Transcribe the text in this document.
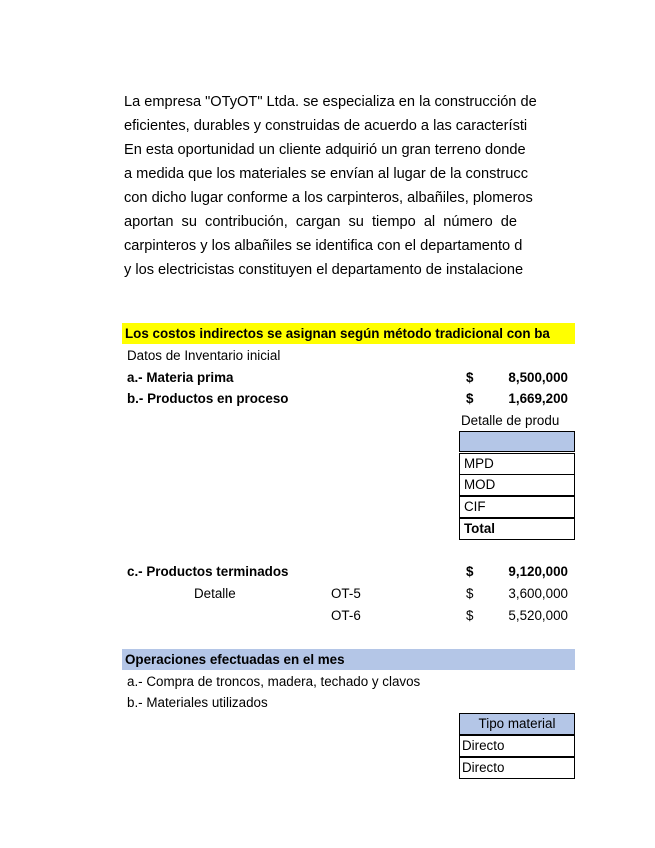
La empresa "OTyOT" Ltda. se especializa en la construcción de
eficientes, durables y construidas de acuerdo a las característi
En esta oportunidad un cliente adquirió un gran terreno donde
a medida que los materiales se envían al lugar de la construcc
con dicho lugar conforme a los carpinteros, albañiles, plomeros
aportan su contribución, cargan su tiempo al número de
carpinteros y los albañiles se identifica con el departamento d
y los electricistas constituyen el departamento de instalacione
Los costos indirectos se asignan según método tradicional con ba
Datos de Inventario inicial
a.- Materia prima	$	8,500,000
b.- Productos en proceso	$	1,669,200
Detalle de produ
MPD
MOD
CIF
Total
c.- Productos terminados	$	9,120,000
Detalle	OT-5	$	3,600,000
OT-6	$	5,520,000
Operaciones efectuadas en el mes
a.- Compra de troncos, madera, techado y clavos
b.- Materiales utilizados
Tipo material
Directo
Directo
